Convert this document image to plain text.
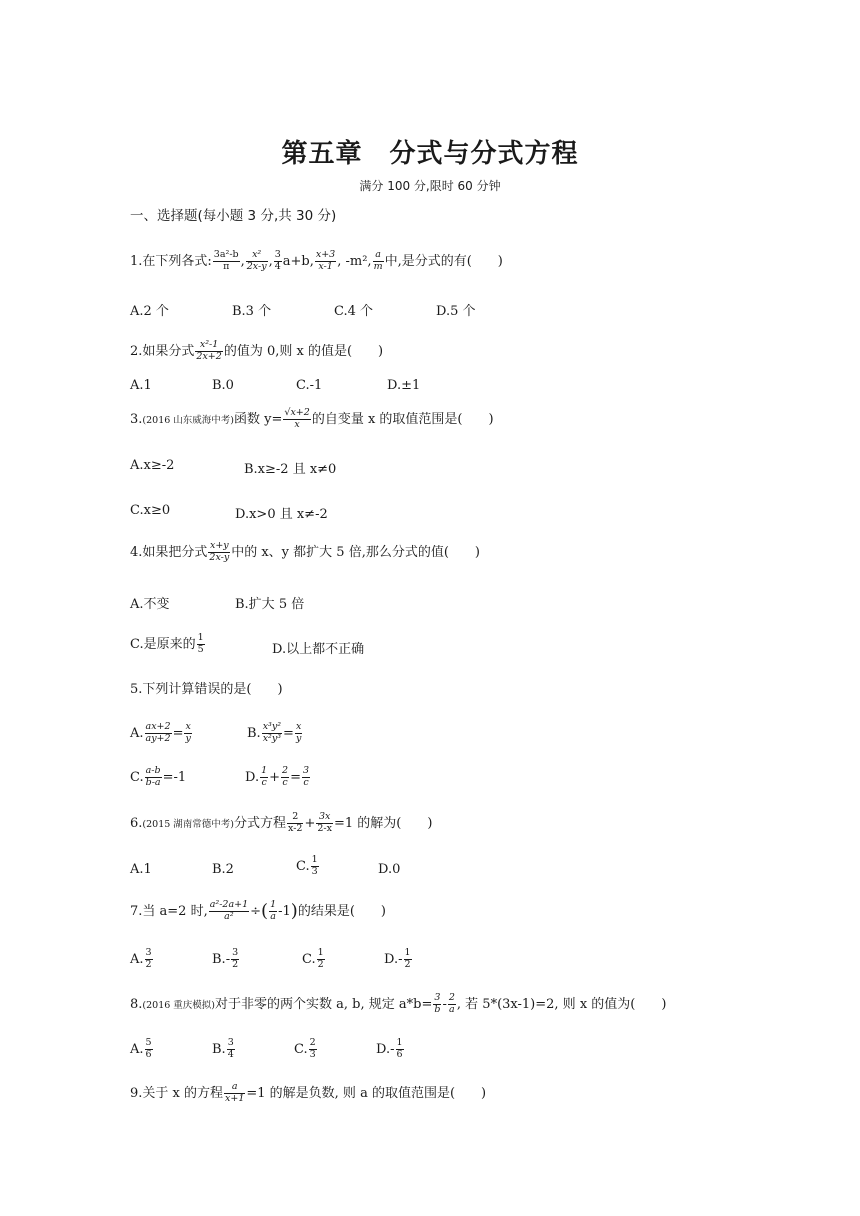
第五章　分式与分式方程
满分 100 分,限时 60 分钟
一、选择题(每小题 3 分,共 30 分)
1.在下列各式: $\frac{\text{3a²-b}}{\pi}$ , $\frac{\text{x²}}{2x-y}$ , $\frac{3}{4} a+b$, $\frac{x+3}{x-1}$ , -m², $\frac{a}{m}$ 中,是分式的有(　　)
A.2 个	B.3 个	C.4 个	D.5 个
2.如果分式 $\frac{\text{x²-1}}{2x+2}$ 的值为 0,则 x 的值是(　　)
A.1	B.0	C.-1	D.±1
3.(2016 山东威海中考)函数 $y= \frac{√x+2}{x}$ 的自变量 x 的取值范围是(　　)
A.x≥-2	B.x≥-2 且 x≠0
C.x≥0	D.x>0 且 x≠-2
4.如果把分式 $\frac{x+y}{2x-y}$ 中的 x、y 都扩大 5 倍,那么分式的值(　　)
A.不变	B.扩大 5 倍
C.是原来的 $\frac{1}{5}$	D.以上都不正确
5.下列计算错误的是(　　)
A. $\frac{ax+2}{ay+2} = \frac{x}{y}$	B. $\frac{\text{x³y²}}{\text{x²y³}} = \frac{x}{y}$
C. $\frac{a-b}{b-a} =-1$	D. $\frac{1}{c} + \frac{2}{c} = \frac{3}{c}$
6.(2015 湖南常德中考)分式方程 $\frac{2}{x-2} + \frac{3x}{2-x} =1$ 的解为(　　)
A.1	B.2	C. $\frac{1}{3}$	D.0
7.当 a=2 时, $\frac{\text{a²-2a+1}}{\text{a²}}$ ÷( $\frac{1}{a} -1$)的结果是(　　)
A. $\frac{3}{2}$	$B.- \frac{3}{2}$	C. $\frac{1}{2}$	$D.- \frac{1}{2}$
8.(2016 重庆模拟)对于非零的两个实数 a, b, 规定 $a*b= \frac{3}{b} - \frac{2}{a}$ , 若 5*(3x-1)=2, 则 x 的值为(　　)
A. $\frac{5}{6}$	B. $\frac{3}{4}$	C. $\frac{2}{3}$	$D.- \frac{1}{6}$
9.关于 x 的方程 $\frac{a}{x+1} =1$ 的解是负数, 则 a 的取值范围是(　　)
